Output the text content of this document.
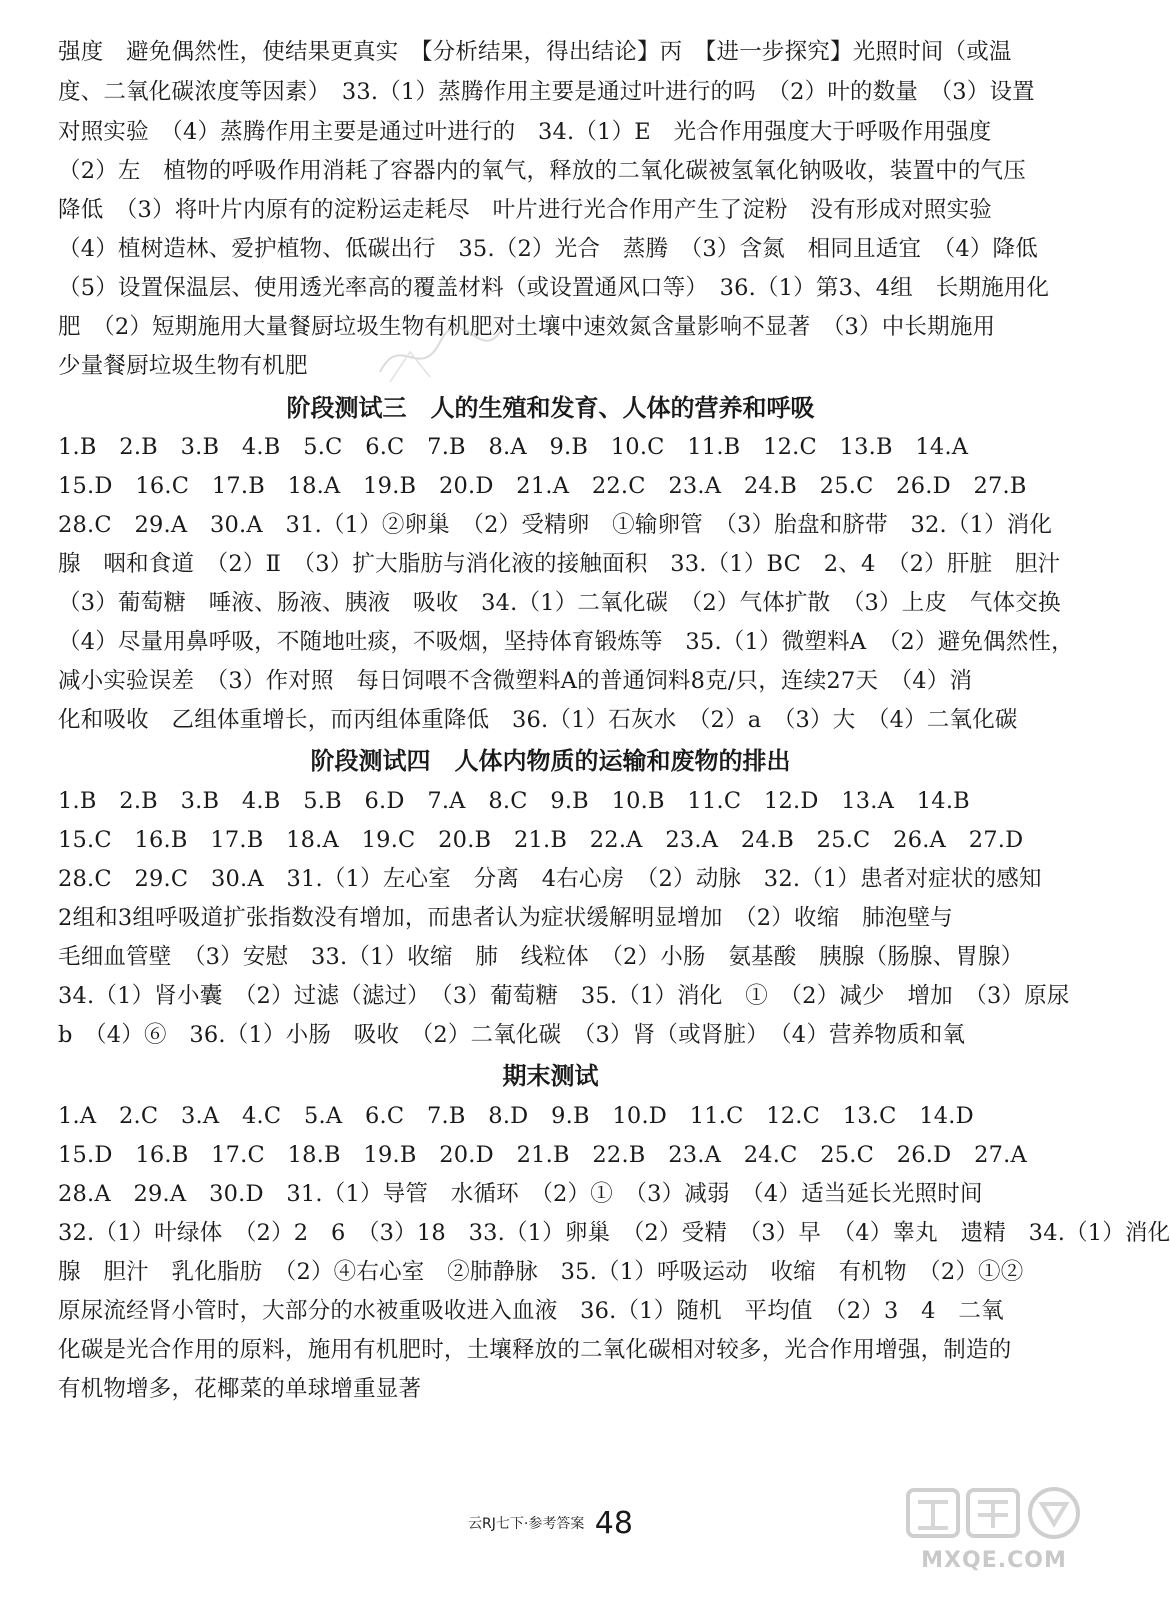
强度　避免偶然性，使结果更真实　【分析结果，得出结论】丙　【进一步探究】光照时间（或温
度、二氧化碳浓度等因素）　33.（1）蒸腾作用主要是通过叶进行的吗　（2）叶的数量　（3）设置
对照实验　（4）蒸腾作用主要是通过叶进行的　34.（1）E　光合作用强度大于呼吸作用强度
（2）左　植物的呼吸作用消耗了容器内的氧气，释放的二氧化碳被氢氧化钠吸收，装置中的气压
降低　（3）将叶片内原有的淀粉运走耗尽　叶片进行光合作用产生了淀粉　没有形成对照实验
（4）植树造林、爱护植物、低碳出行　35.（2）光合　蒸腾　（3）含氮　相同且适宜　（4）降低
（5）设置保温层、使用透光率高的覆盖材料（或设置通风口等）　36.（1）第3、4组　长期施用化
肥　（2）短期施用大量餐厨垃圾生物有机肥对土壤中速效氮含量影响不显著　（3）中长期施用
少量餐厨垃圾生物有机肥
阶段测试三　人的生殖和发育、人体的营养和呼吸
1.B　2.B　3.B　4.B　5.C　6.C　7.B　8.A　9.B　10.C　11.B　12.C　13.B　14.A
15.D　16.C　17.B　18.A　19.B　20.D　21.A　22.C　23.A　24.B　25.C　26.D　27.B
28.C　29.A　30.A　31.（1）②卵巢　（2）受精卵　①输卵管　（3）胎盘和脐带　32.（1）消化
腺　咽和食道　（2）Ⅱ　（3）扩大脂肪与消化液的接触面积　33.（1）BC　2、4　（2）肝脏　胆汁
（3）葡萄糖　唾液、肠液、胰液　吸收　34.（1）二氧化碳　（2）气体扩散　（3）上皮　气体交换
（4）尽量用鼻呼吸，不随地吐痰，不吸烟，坚持体育锻炼等　35.（1）微塑料A　（2）避免偶然性，
减小实验误差　（3）作对照　每日饲喂不含微塑料A的普通饲料8克/只，连续27天　（4）消
化和吸收　乙组体重增长，而丙组体重降低　36.（1）石灰水　（2）a　（3）大　（4）二氧化碳
阶段测试四　人体内物质的运输和废物的排出
1.B　2.B　3.B　4.B　5.B　6.D　7.A　8.C　9.B　10.B　11.C　12.D　13.A　14.B
15.C　16.B　17.B　18.A　19.C　20.B　21.B　22.A　23.A　24.B　25.C　26.A　27.D
28.C　29.C　30.A　31.（1）左心室　分离　4右心房　（2）动脉　32.（1）患者对症状的感知
2组和3组呼吸道扩张指数没有增加，而患者认为症状缓解明显增加　（2）收缩　肺泡壁与
毛细血管壁　（3）安慰　33.（1）收缩　肺　线粒体　（2）小肠　氨基酸　胰腺（肠腺、胃腺）
34.（1）肾小囊　（2）过滤（滤过）　（3）葡萄糖　35.（1）消化　①　（2）减少　增加　（3）原尿
b　（4）⑥　36.（1）小肠　吸收　（2）二氧化碳　（3）肾（或肾脏）　（4）营养物质和氧
期末测试
1.A　2.C　3.A　4.C　5.A　6.C　7.B　8.D　9.B　10.D　11.C　12.C　13.C　14.D
15.D　16.B　17.C　18.B　19.B　20.D　21.B　22.B　23.A　24.C　25.C　26.D　27.A
28.A　29.A　30.D　31.（1）导管　水循环　（2）①　（3）减弱　（4）适当延长光照时间
32.（1）叶绿体　（2）2　6　（3）18　33.（1）卵巢　（2）受精　（3）早　（4）睾丸　遗精　34.（1）消化
腺　胆汁　乳化脂肪　（2）④右心室　②肺静脉　35.（1）呼吸运动　收缩　有机物　（2）①②
原尿流经肾小管时，大部分的水被重吸收进入血液　36.（1）随机　平均值　（2）3　4　二氧
化碳是光合作用的原料，施用有机肥时，土壤释放的二氧化碳相对较多，光合作用增强，制造的
有机物增多，花椰菜的单球增重显著
云RJ七下·参考答案 48
MXQE.COM
